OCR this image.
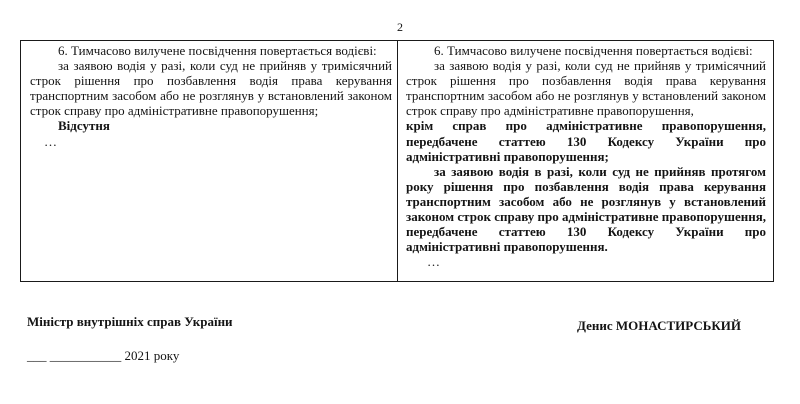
2

6. Тимчасово вилучене посвідчення повертається водієві:

за заявою водія у разі, коли суд не прийняв у тримісячний строк рішення про позбавлення водія права керування транспортним засобом або не розглянув у встановлений законом строк справу про адміністративне правопорушення;

Відсутня

…

6. Тимчасово вилучене посвідчення повертається водієві:

за заявою водія у разі, коли суд не прийняв у тримісячний строк рішення про позбавлення водія права керування транспортним засобом або не розглянув у встановлений законом строк справу про адміністративне правопорушення,

крім справ про адміністративне правопорушення, передбачене статтею 130 Кодексу України про адміністративні правопорушення;

за заявою водія в разі, коли суд не прийняв протягом року рішення про позбавлення водія права керування транспортним засобом або не розглянув у встановлений законом строк справу про адміністративне правопорушення, передбачене статтею 130 Кодексу України про адміністративні правопорушення.

…

Міністр внутрішніх справ України	Денис МОНАСТИРСЬКИЙ
___ ___________ 2021 року
